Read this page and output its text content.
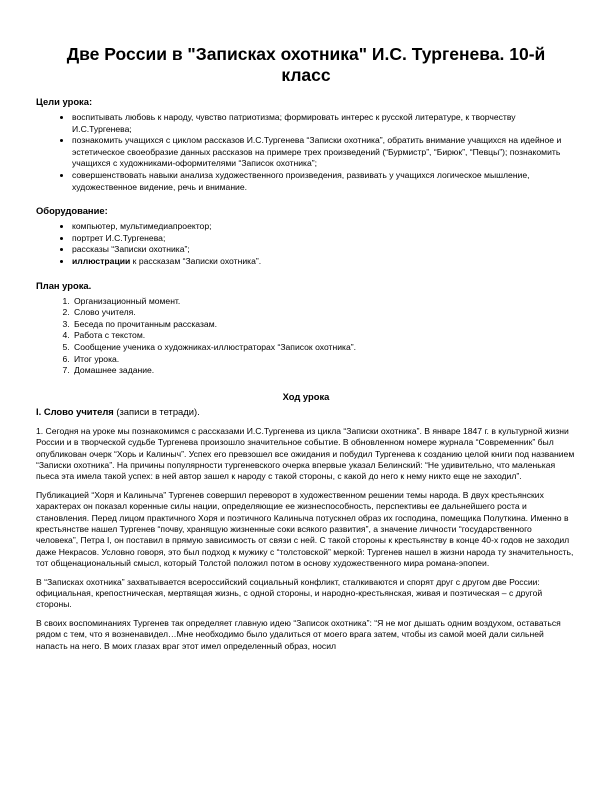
Две России в "Записках охотника" И.С. Тургенева. 10-й класс
Цели урока:
• воспитывать любовь к народу, чувство патриотизма; формировать интерес к русской литературе, к творчеству И.С.Тургенева;
• познакомить учащихся с циклом рассказов И.С.Тургенева “Записки охотника”, обратить внимание учащихся на идейное и эстетическое своеобразие данных рассказов на примере трех произведений (“Бурмистр”, “Бирюк”, “Певцы”); познакомить учащихся с художниками-оформителями “Записок охотника”;
• совершенствовать навыки анализа художественного произведения, развивать у учащихся логическое мышление, художественное видение, речь и внимание.
Оборудование:
• компьютер, мультимедиапроектор;
• портрет И.С.Тургенева;
• рассказы “Записки охотника”;
• иллюстрации к рассказам “Записки охотника”.
План урока.
1. Организационный момент.
2. Слово учителя.
3. Беседа по прочитанным рассказам.
4. Работа с текстом.
5. Сообщение ученика о художниках-иллюстраторах “Записок охотника”.
6. Итог урока.
7. Домашнее задание.
Ход урока
I. Слово учителя (записи в тетради).

1. Сегодня на уроке мы познакомимся с рассказами И.С.Тургенева из цикла “Записки охотника”. В январе 1847 г. в культурной жизни России и в творческой судьбе Тургенева произошло значительное событие. В обновленном номере журнала “Современник” был опубликован очерк “Хорь и Калиныч”. Успех его превзошел все ожидания и побудил Тургенева к созданию целой книги под названием “Записки охотника”. На причины популярности тургеневского очерка впервые указал Белинский: “Не удивительно, что маленькая пьеса эта имела такой успех: в ней автор зашел к народу с такой стороны, с какой до него к нему никто еще не заходил”.

Публикацией “Хоря и Калиныча” Тургенев совершил переворот в художественном решении темы народа. В двух крестьянских характерах он показал коренные силы нации, определяющие ее жизнеспособность, перспективы ее дальнейшего роста и становления. Перед лицом практичного Хоря и поэтичного Калиныча потускнел образ их господина, помещика Полуткина. Именно в крестьянстве нашел Тургенев “почву, хранящую жизненные соки всякого развития”, а значение личности “государственного человека”, Петра I, он поставил в прямую зависимость от связи с ней. С такой стороны к крестьянству в конце 40-х годов не заходил даже Некрасов. Условно говоря, это был подход к мужику с “толстовской” меркой: Тургенев нашел в жизни народа ту значительность, тот общенациональный смысл, который Толстой положил потом в основу художественного мира романа-эпопеи.

В “Записках охотника” захватывается всероссийский социальный конфликт, сталкиваются и спорят друг с другом две России: официальная, крепостническая, мертвящая жизнь, с одной стороны, и народно-крестьянская, живая и поэтическая – с другой стороны.

В своих воспоминаниях Тургенев так определяет главную идею “Записок охотника”: “Я не мог дышать одним воздухом, оставаться рядом с тем, что я возненавидел…Мне необходимо было удалиться от моего врага затем, чтобы из самой моей дали сильней напасть на него. В моих глазах враг этот имел определенный образ, носил
